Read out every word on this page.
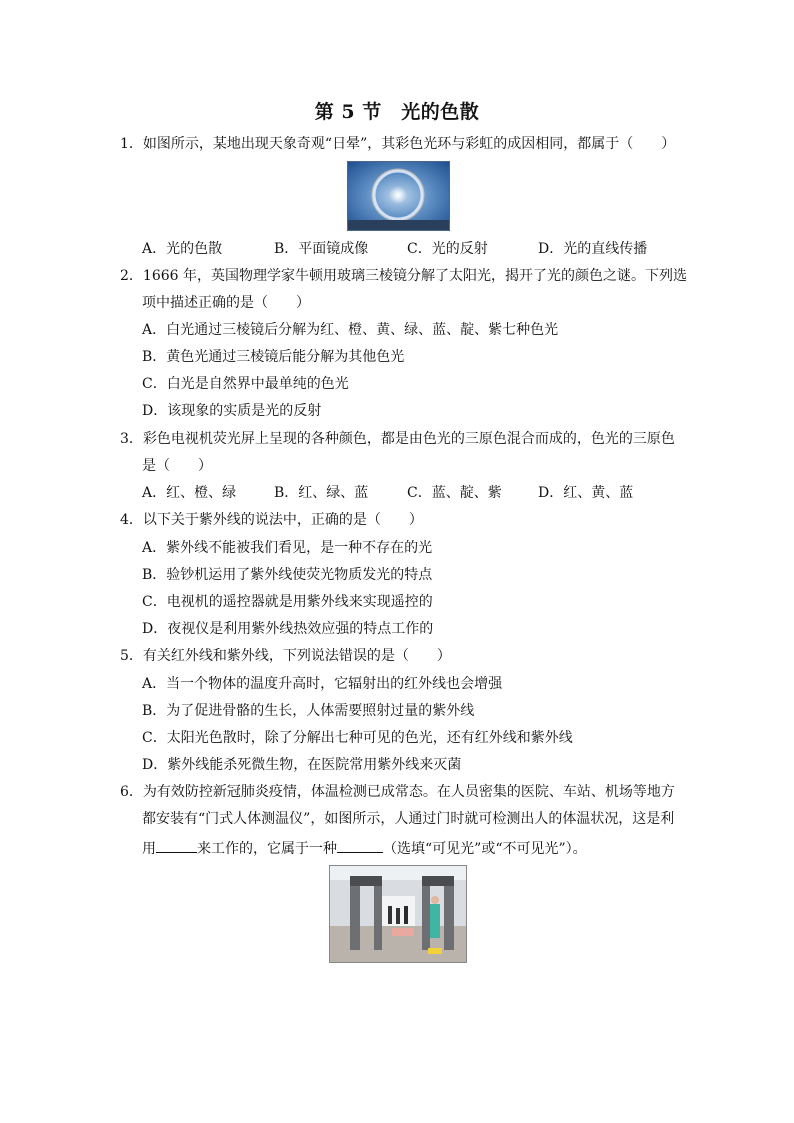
第 5 节　光的色散
1．如图所示，某地出现天象奇观“日晕”，其彩色光环与彩虹的成因相同，都属于（　　）
A．光的色散	B．平面镜成像	C．光的反射	D．光的直线传播
2．1666 年，英国物理学家牛顿用玻璃三棱镜分解了太阳光，揭开了光的颜色之谜。下列选
项中描述正确的是（　　）
A．白光通过三棱镜后分解为红、橙、黄、绿、蓝、靛、紫七种色光
B．黄色光通过三棱镜后能分解为其他色光
C．白光是自然界中最单纯的色光
D．该现象的实质是光的反射
3．彩色电视机荧光屏上呈现的各种颜色，都是由色光的三原色混合而成的，色光的三原色
是（　　）
A．红、橙、绿	B．红、绿、蓝	C．蓝、靛、紫	D．红、黄、蓝
4．以下关于紫外线的说法中，正确的是（　　）
A．紫外线不能被我们看见，是一种不存在的光
B．验钞机运用了紫外线使荧光物质发光的特点
C．电视机的遥控器就是用紫外线来实现遥控的
D．夜视仪是利用紫外线热效应强的特点工作的
5．有关红外线和紫外线，下列说法错误的是（　　）
A．当一个物体的温度升高时，它辐射出的红外线也会增强
B．为了促进骨骼的生长，人体需要照射过量的紫外线
C．太阳光色散时，除了分解出七种可见的色光，还有红外线和紫外线
D．紫外线能杀死微生物，在医院常用紫外线来灭菌
6．为有效防控新冠肺炎疫情，体温检测已成常态。在人员密集的医院、车站、机场等地方
都安装有“门式人体测温仪”，如图所示，人通过门时就可检测出人的体温状况，这是利
用	来工作的，它属于一种	（选填“可见光”或“不可见光”）。
